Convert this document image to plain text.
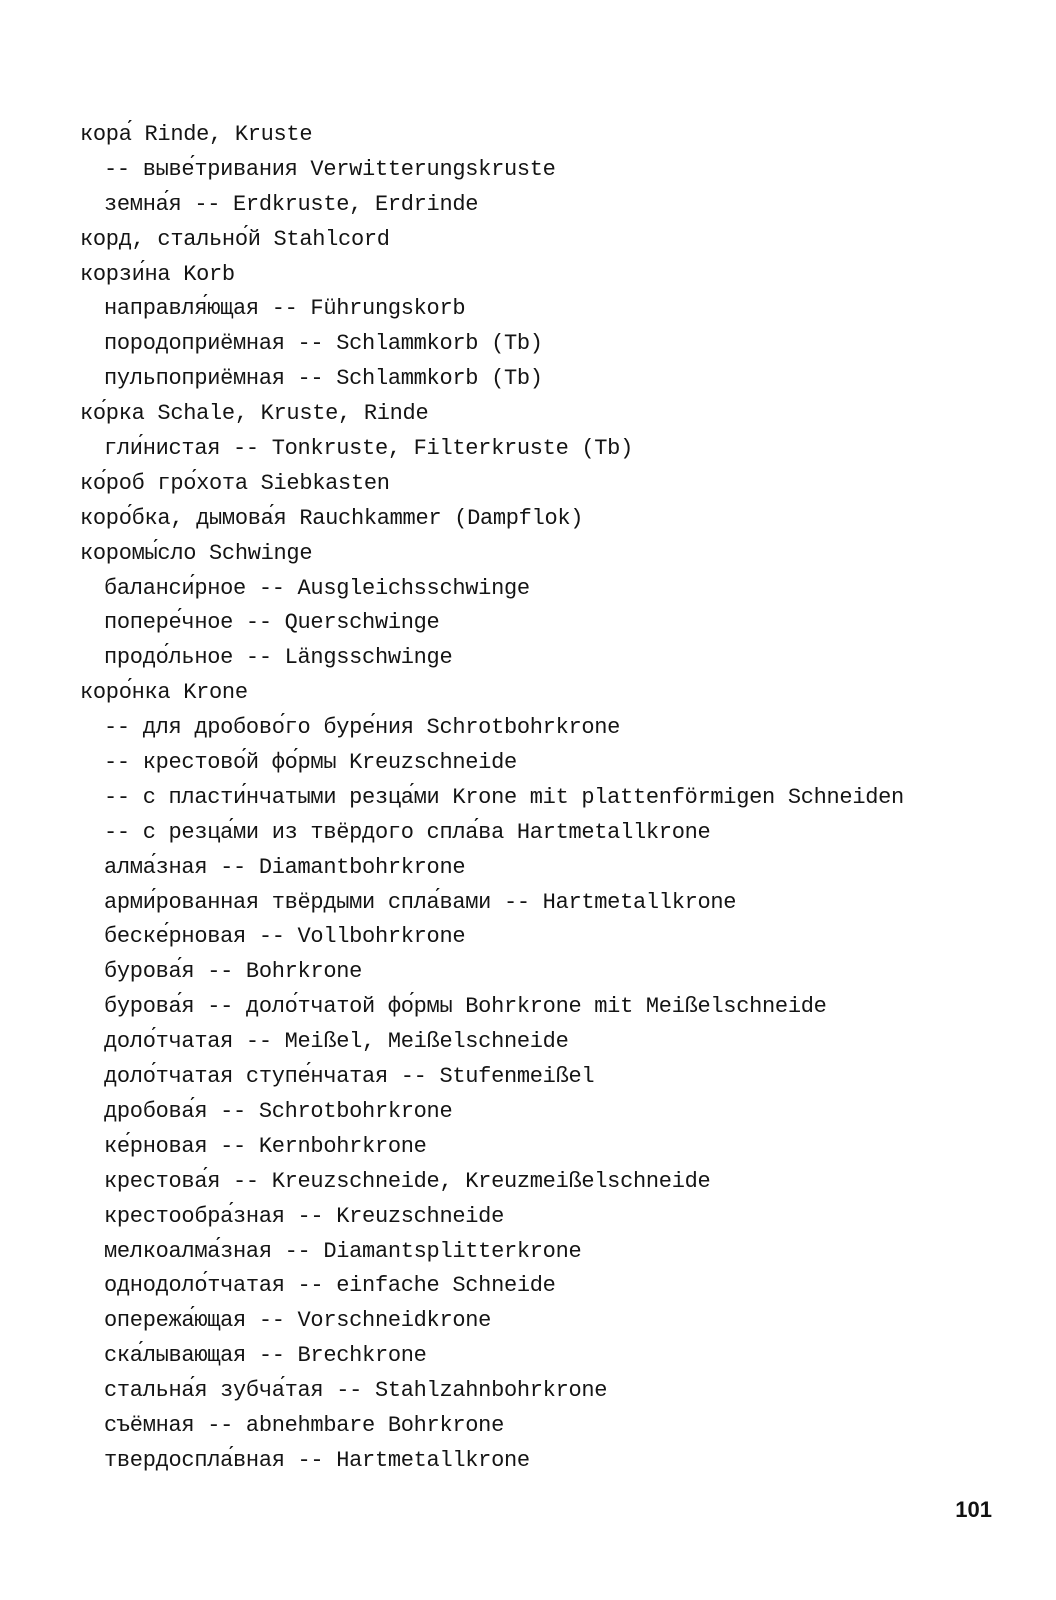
кора́ Rinde, Kruste
-- выве́тривания Verwitterungskruste
земна́я -- Erdkruste, Erdrinde
корд, стально́й Stahlcord
корзи́на Korb
направля́ющая -- Führungskorb
породоприёмная -- Schlammkorb (Tb)
пульпоприёмная -- Schlammkorb (Tb)
ко́рка Schale, Kruste, Rinde
гли́нистая -- Tonkruste, Filterkruste (Tb)
ко́роб гро́хота Siebkasten
коро́бка, дымова́я Rauchkammer (Dampflok)
коромы́сло Schwinge
баланси́рное -- Ausgleichsschwinge
попере́чное -- Querschwinge
продо́льное -- Längsschwinge
коро́нка Krone
-- для дробово́го буре́ния Schrotbohrkrone
-- крестово́й фо́рмы Kreuzschneide
-- с пласти́нчатыми резца́ми Krone mit plattenförmigen Schneiden
-- с резца́ми из твёрдого спла́ва Hartmetallkrone
алма́зная -- Diamantbohrkrone
арми́рованная твёрдыми спла́вами -- Hartmetallkrone
беске́рновая -- Vollbohrkrone
бурова́я -- Bohrkrone
бурова́я -- доло́тчатой фо́рмы Bohrkrone mit Meißelschneide
доло́тчатая -- Meißel, Meißelschneide
доло́тчатая ступе́нчатая -- Stufenmeißel
дробова́я -- Schrotbohrkrone
ке́рновая -- Kernbohrkrone
крестова́я -- Kreuzschneide, Kreuzmeißelschneide
крестообра́зная -- Kreuzschneide
мелкоалма́зная -- Diamantsplitterkrone
однодоло́тчатая -- einfache Schneide
опережа́ющая -- Vorschneidkrone
ска́лывающая -- Brechkrone
стальна́я зубча́тая -- Stahlzahnbohrkrone
съёмная -- abnehmbare Bohrkrone
твердоспла́вная -- Hartmetallkrone
101
